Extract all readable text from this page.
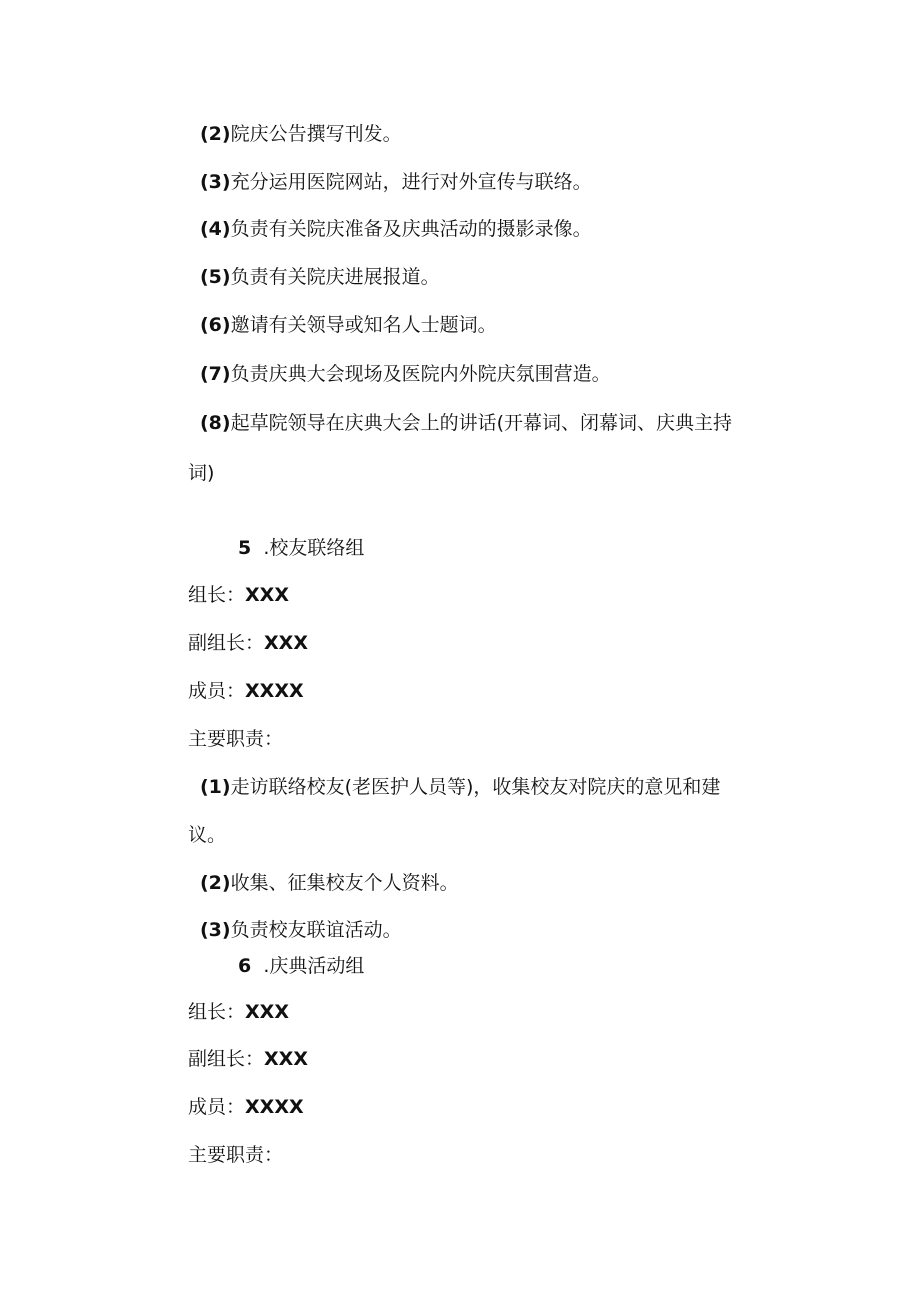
(2)院庆公告撰写刊发。
(3)充分运用医院网站，进行对外宣传与联络。
(4)负责有关院庆准备及庆典活动的摄影录像。
(5)负责有关院庆进展报道。
(6)邀请有关领导或知名人士题词。
(7)负责庆典大会现场及医院内外院庆氛围营造。
(8)起草院领导在庆典大会上的讲话(开幕词、闭幕词、庆典主持
词)
5 .校友联络组
组长：XXX
副组长：XXX
成员：XXXX
主要职责：
(1)走访联络校友(老医护人员等)，收集校友对院庆的意见和建
议。
(2)收集、征集校友个人资料。
(3)负责校友联谊活动。
6 .庆典活动组
组长：XXX
副组长：XXX
成员：XXXX
主要职责：
